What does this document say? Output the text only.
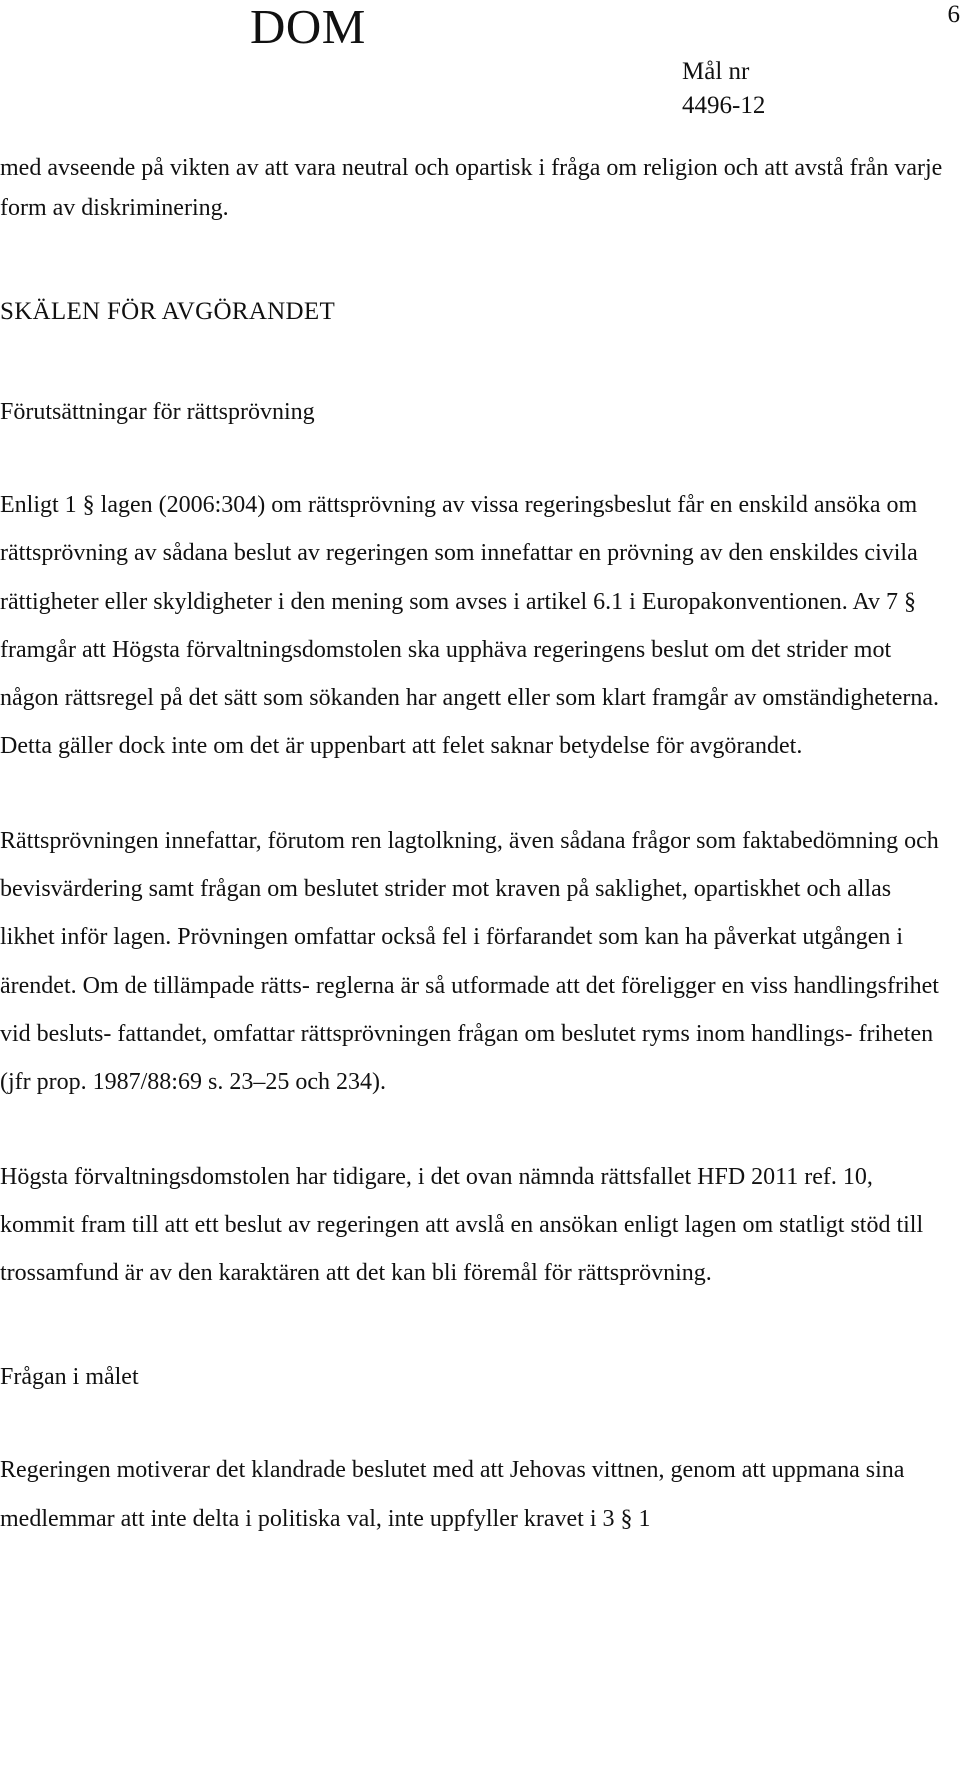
DOM	6
Mål nr
4496-12

med avseende på vikten av att vara neutral och opartisk i fråga om religion och att avstå från varje form av diskriminering.

SKÄLEN FÖR AVGÖRANDET
Förutsättningar för rättsprövning

Enligt 1 § lagen (2006:304) om rättsprövning av vissa regeringsbeslut får en enskild ansöka om rättsprövning av sådana beslut av regeringen som innefattar en prövning av den enskildes civila rättigheter eller skyldigheter i den mening som avses i artikel 6.1 i Europakonventionen. Av 7 § framgår att Högsta förvaltningsdomstolen ska upphäva regeringens beslut om det strider mot någon rättsregel på det sätt som sökanden har angett eller som klart framgår av omständigheterna. Detta gäller dock inte om det är uppenbart att felet saknar betydelse för avgörandet.

Rättsprövningen innefattar, förutom ren lagtolkning, även sådana frågor som faktabedömning och bevisvärdering samt frågan om beslutet strider mot kraven på saklighet, opartiskhet och allas likhet inför lagen. Prövningen omfattar också fel i förfarandet som kan ha påverkat utgången i ärendet. Om de tillämpade rätts- reglerna är så utformade att det föreligger en viss handlingsfrihet vid besluts- fattandet, omfattar rättsprövningen frågan om beslutet ryms inom handlings- friheten (jfr prop. 1987/88:69 s. 23–25 och 234).

Högsta förvaltningsdomstolen har tidigare, i det ovan nämnda rättsfallet HFD 2011 ref. 10, kommit fram till att ett beslut av regeringen att avslå en ansökan enligt lagen om statligt stöd till trossamfund är av den karaktären att det kan bli föremål för rättsprövning.

Frågan i målet

Regeringen motiverar det klandrade beslutet med att Jehovas vittnen, genom att uppmana sina medlemmar att inte delta i politiska val, inte uppfyller kravet i 3 § 1
